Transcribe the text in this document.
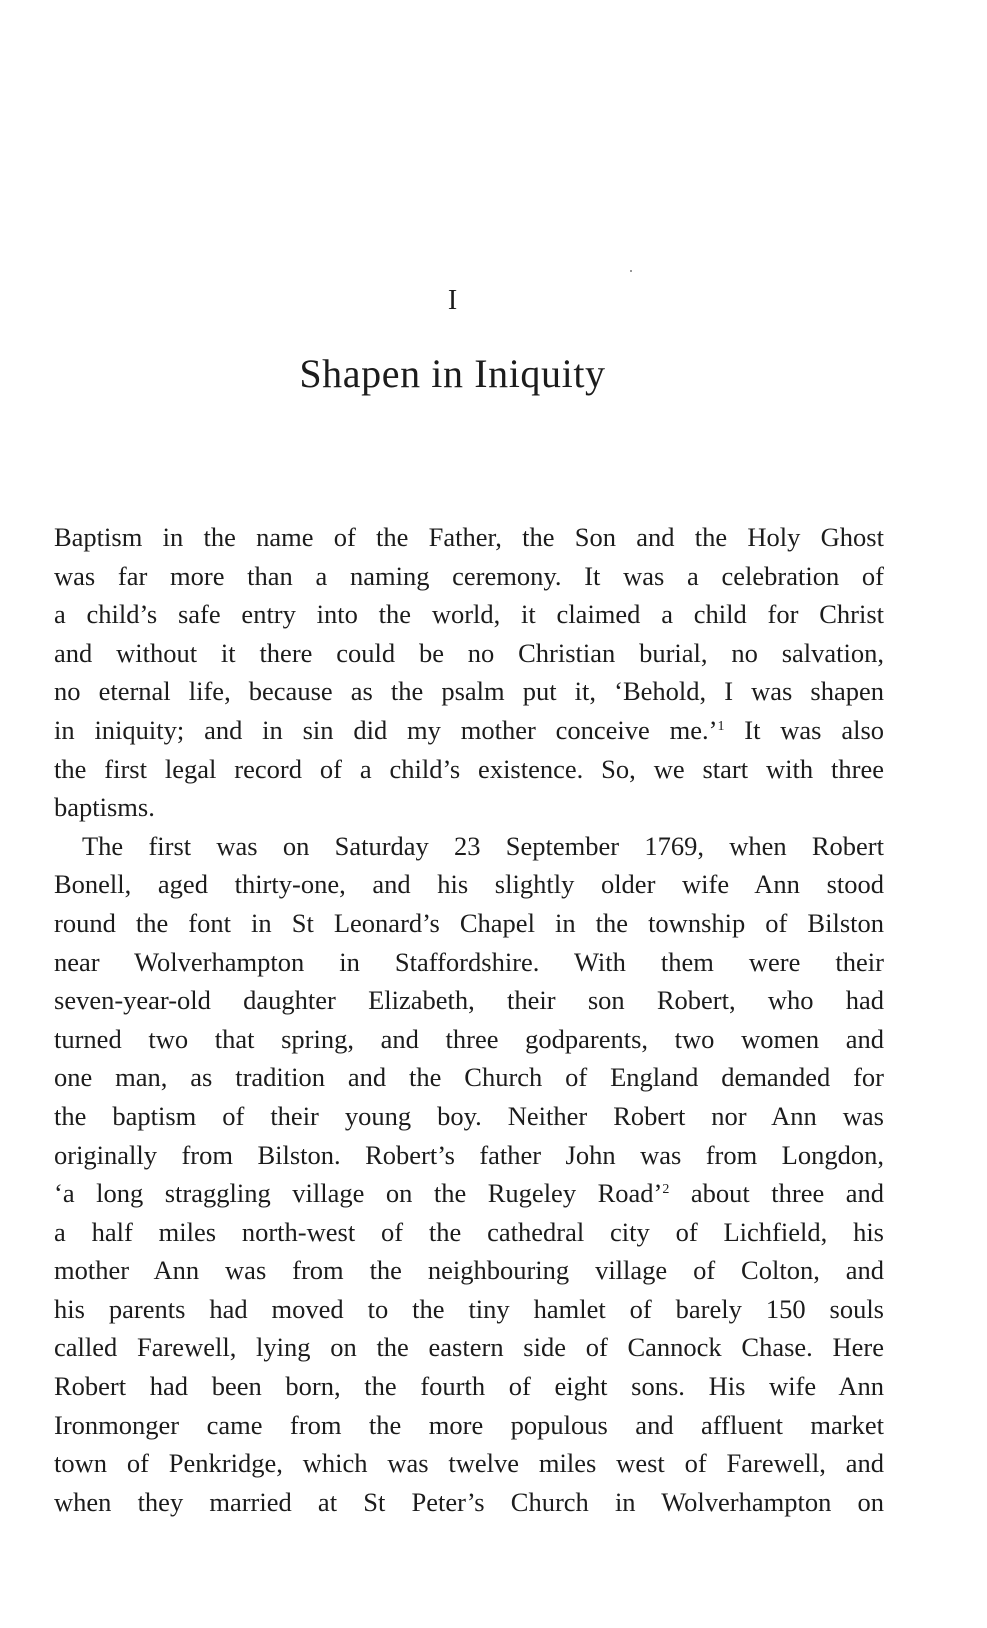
I
Shapen in Iniquity
Baptism in the name of the Father, the Son and the Holy Ghost
was far more than a naming ceremony. It was a celebration of
a child’s safe entry into the world, it claimed a child for Christ
and without it there could be no Christian burial, no salvation,
no eternal life, because as the psalm put it, ‘Behold, I was shapen
in iniquity; and in sin did my mother conceive me.’$^1$ It was also
the first legal record of a child’s existence. So, we start with three
baptisms.
The first was on Saturday 23 September 1769, when Robert
Bonell, aged thirty-one, and his slightly older wife Ann stood
round the font in St Leonard’s Chapel in the township of Bilston
near Wolverhampton in Staffordshire. With them were their
seven-year-old daughter Elizabeth, their son Robert, who had
turned two that spring, and three godparents, two women and
one man, as tradition and the Church of England demanded for
the baptism of their young boy. Neither Robert nor Ann was
originally from Bilston. Robert’s father John was from Longdon,
‘a long straggling village on the Rugeley Road’$^2$ about three and
a half miles north-west of the cathedral city of Lichfield, his
mother Ann was from the neighbouring village of Colton, and
his parents had moved to the tiny hamlet of barely 150 souls
called Farewell, lying on the eastern side of Cannock Chase. Here
Robert had been born, the fourth of eight sons. His wife Ann
Ironmonger came from the more populous and affluent market
town of Penkridge, which was twelve miles west of Farewell, and
when they married at St Peter’s Church in Wolverhampton on
